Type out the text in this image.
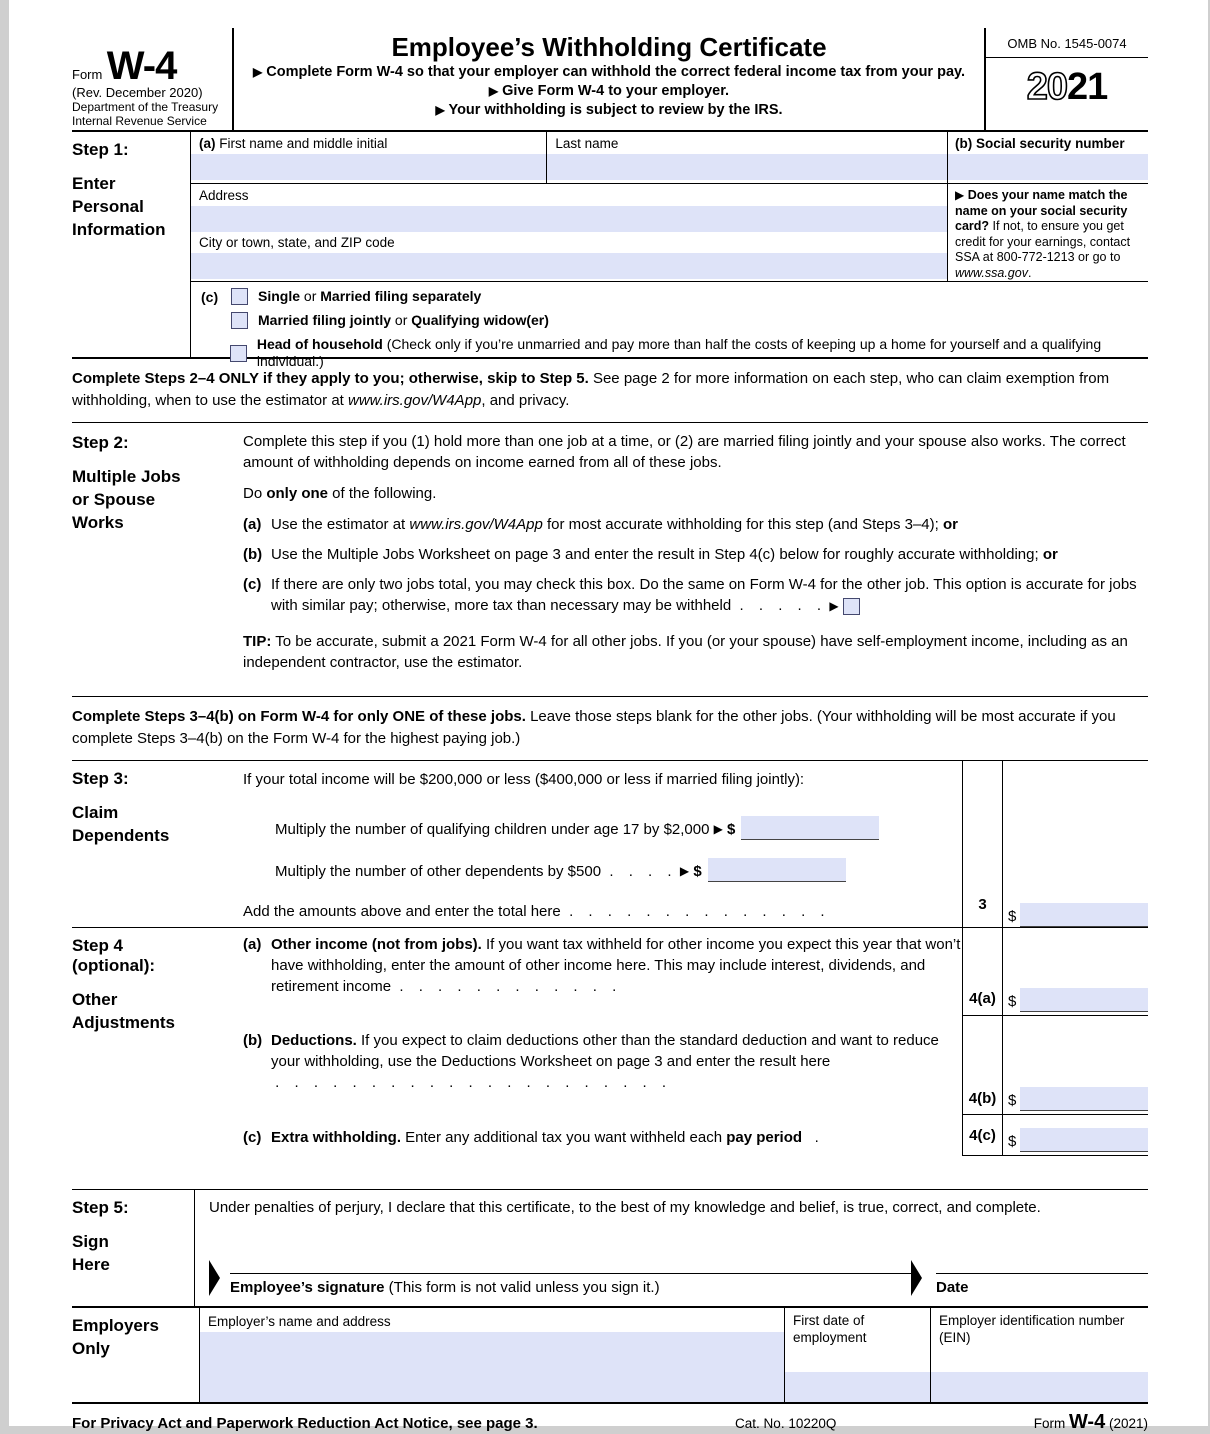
Form W-4
(Rev. December 2020)
Department of the Treasury
Internal Revenue Service
Employee’s Withholding Certificate
▶ Complete Form W-4 so that your employer can withhold the correct federal income tax from your pay.
▶ Give Form W-4 to your employer.
▶ Your withholding is subject to review by the IRS.
OMB No. 1545-0074
2021
Step 1:
Enter Personal Information
(a) First name and middle initial	Last name
Address
City or town, state, and ZIP code
(b) Social security number
▶ Does your name match the name on your social security card? If not, to ensure you get credit for your earnings, contact SSA at 800-772-1213 or go to www.ssa.gov.
(c)	Single or Married filing separately
Married filing jointly or Qualifying widow(er)
Head of household (Check only if you’re unmarried and pay more than half the costs of keeping up a home for yourself and a qualifying individual.)
Complete Steps 2–4 ONLY if they apply to you; otherwise, skip to Step 5. See page 2 for more information on each step, who can claim exemption from withholding, when to use the estimator at www.irs.gov/W4App, and privacy.
Step 2:
Multiple Jobs or Spouse Works

Complete this step if you (1) hold more than one job at a time, or (2) are married filing jointly and your spouse also works. The correct amount of withholding depends on income earned from all of these jobs.

Do only one of the following.

(a) Use the estimator at www.irs.gov/W4App for most accurate withholding for this step (and Steps 3–4); or
(b) Use the Multiple Jobs Worksheet on page 3 and enter the result in Step 4(c) below for roughly accurate withholding; or
(c) If there are only two jobs total, you may check this box. Do the same on Form W-4 for the other job. This option is accurate for jobs with similar pay; otherwise, more tax than necessary may be withheld . . . . . ▶
TIP: To be accurate, submit a 2021 Form W-4 for all other jobs. If you (or your spouse) have self-employment income, including as an independent contractor, use the estimator.
Complete Steps 3–4(b) on Form W-4 for only ONE of these jobs. Leave those steps blank for the other jobs. (Your withholding will be most accurate if you complete Steps 3–4(b) on the Form W-4 for the highest paying job.)
Step 3:
Claim Dependents
If your total income will be $200,000 or less ($400,000 or less if married filing jointly):
Multiply the number of qualifying children under age 17 by $2,000
▶
$
Multiply the number of other dependents by $500
. . . .
▶
$
Add the amounts above and enter the total here
. . . . . . . . . . . . . .	3
$
Step 4
(optional):
Other Adjustments
(a) Other income (not from jobs). If you want tax withheld for other income you expect this year that won’t have withholding, enter the amount of other income here. This may include interest, dividends, and retirement income  . . . . . . . . . . . .
4(a) $
(b) Deductions. If you expect to claim deductions other than the standard deduction and want to reduce your withholding, use the Deductions Worksheet on page 3 and enter the result here  . . . . . . . . . . . . . . . . . . . . .
4(b) $
(c) Extra withholding. Enter any additional tax you want withheld each pay period .	4(c) $
Step 5:
Sign Here
Under penalties of perjury, I declare that this certificate, to the best of my knowledge and belief, is true, correct, and complete.
Employee’s signature (This form is not valid unless you sign it.)	Date
Employers Only
Employer’s name and address	First date of employment
Employer identification number (EIN)
For Privacy Act and Paperwork Reduction Act Notice, see page 3.	Cat. No. 10220Q	Form W-4 (2021)
